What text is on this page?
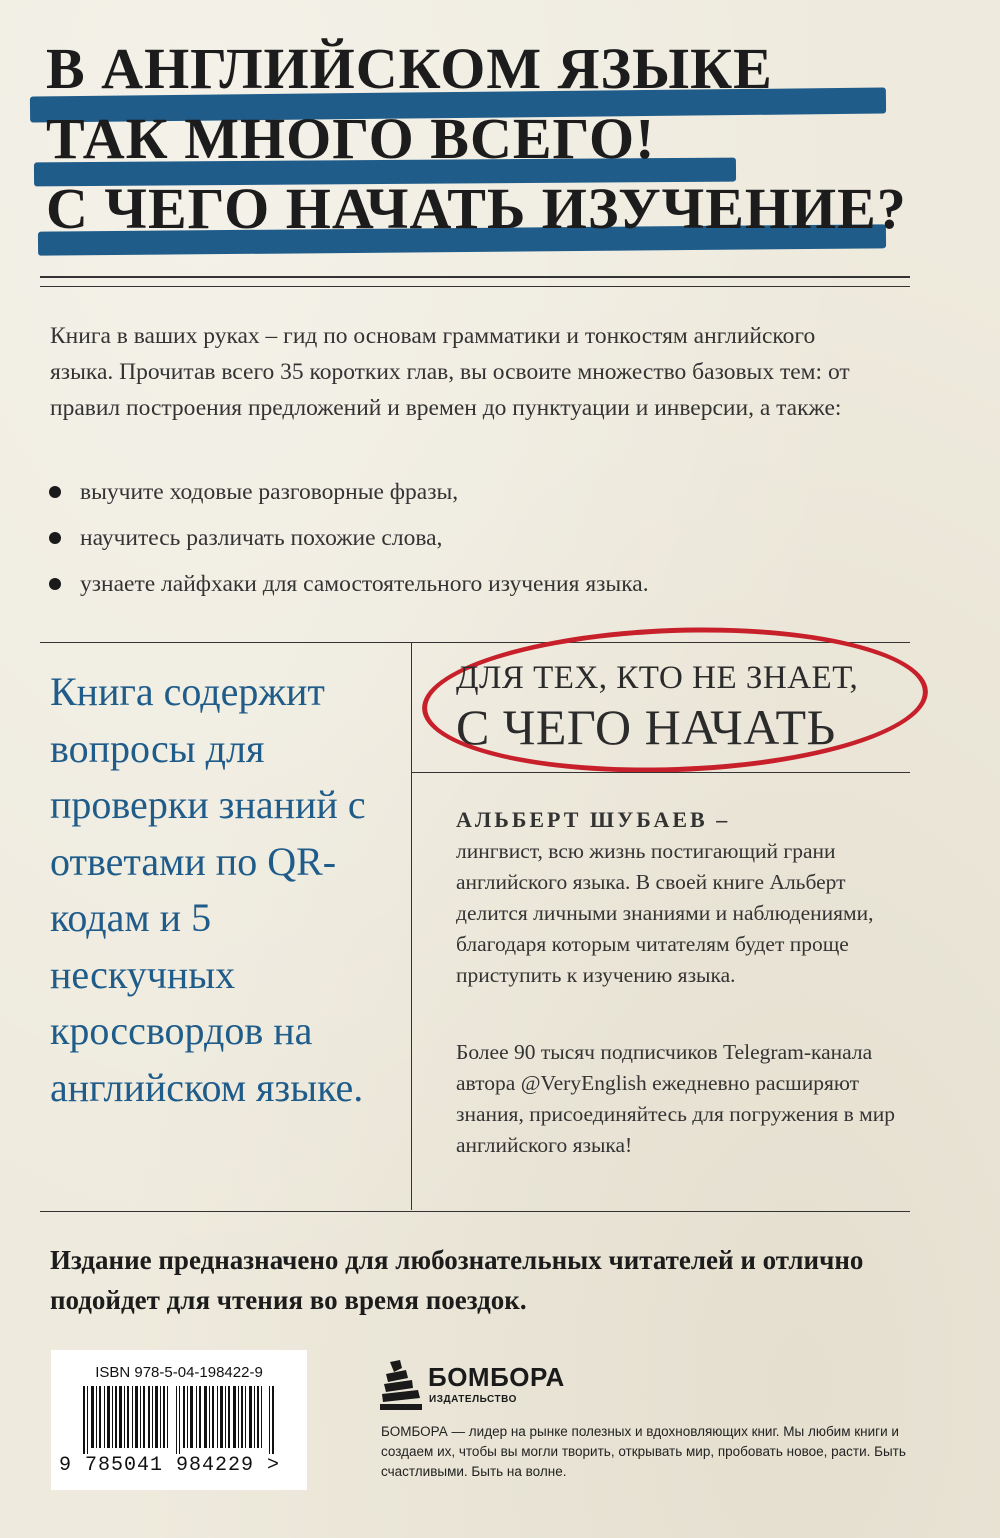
В АНГЛИЙСКОМ ЯЗЫКЕ

ТАК МНОГО ВСЕГО!

С ЧЕГО НАЧАТЬ ИЗУЧЕНИЕ?

Книга в ваших руках – гид по основам грамматики и тонкостям английского языка. Прочитав всего 35 коротких глав, вы освоите множество базовых тем: от правил построения предложений и времен до пунктуации и инверсии, а также:

выучите ходовые разговорные фразы,
научитесь различать похожие слова,
узнаете лайфхаки для самостоятельного изучения языка.

Книга содержит вопросы для проверки знаний с ответами по QR-кодам и 5 нескучных кроссвордов на английском языке.

ДЛЯ ТЕХ, КТО НЕ ЗНАЕТ,

С ЧЕГО НАЧАТЬ

АЛЬБЕРТ ШУБАЕВ –
лингвист, всю жизнь постигающий грани английского языка. В своей книге Альберт делится личными знаниями и наблюдениями, благодаря которым читателям будет проще приступить к изучению языка.

Более 90 тысяч подписчиков Telegram-канала автора @VeryEnglish ежедневно расширяют знания, присоединяйтесь для погружения в мир английского языка!

Издание предназначено для любознательных читателей и отлично подойдет для чтения во время поездок.

ISBN 978-5-04-198422-9

9 785041 984229 >

БОМБОРА

ИЗДАТЕЛЬСТВО

БОМБОРА — лидер на рынке полезных и вдохновляющих книг. Мы любим книги и создаем их, чтобы вы могли творить, открывать мир, пробовать новое, расти. Быть счастливыми. Быть на волне.
